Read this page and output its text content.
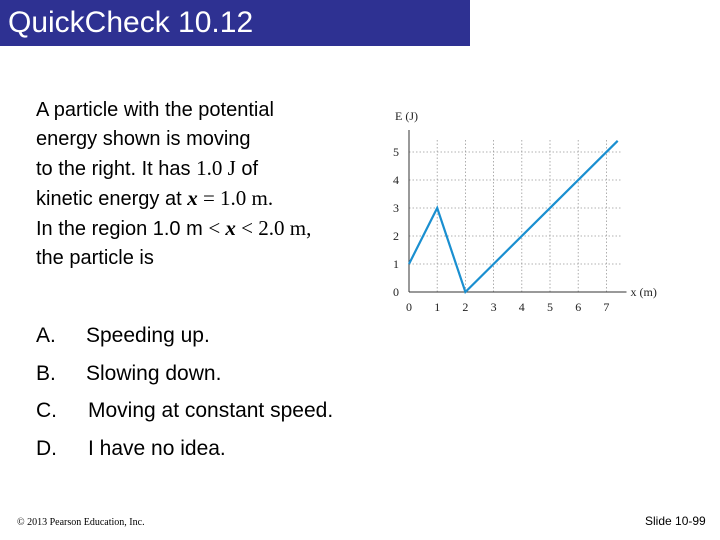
QuickCheck 10.12
A particle with the potential
energy shown is moving
to the right. It has 1.0 J of
kinetic energy at x = 1.0 m.
In the region 1.0 m < x < 2.0 m,
the particle is
A. Speeding up.
B. Slowing down.
C. Moving at constant speed.
D. I have no idea.
0 1 2 3 4 5 6 7
0
1
2
3
4
5
E (J)
x (m)
© 2013 Pearson Education, Inc.	Slide 10-99
